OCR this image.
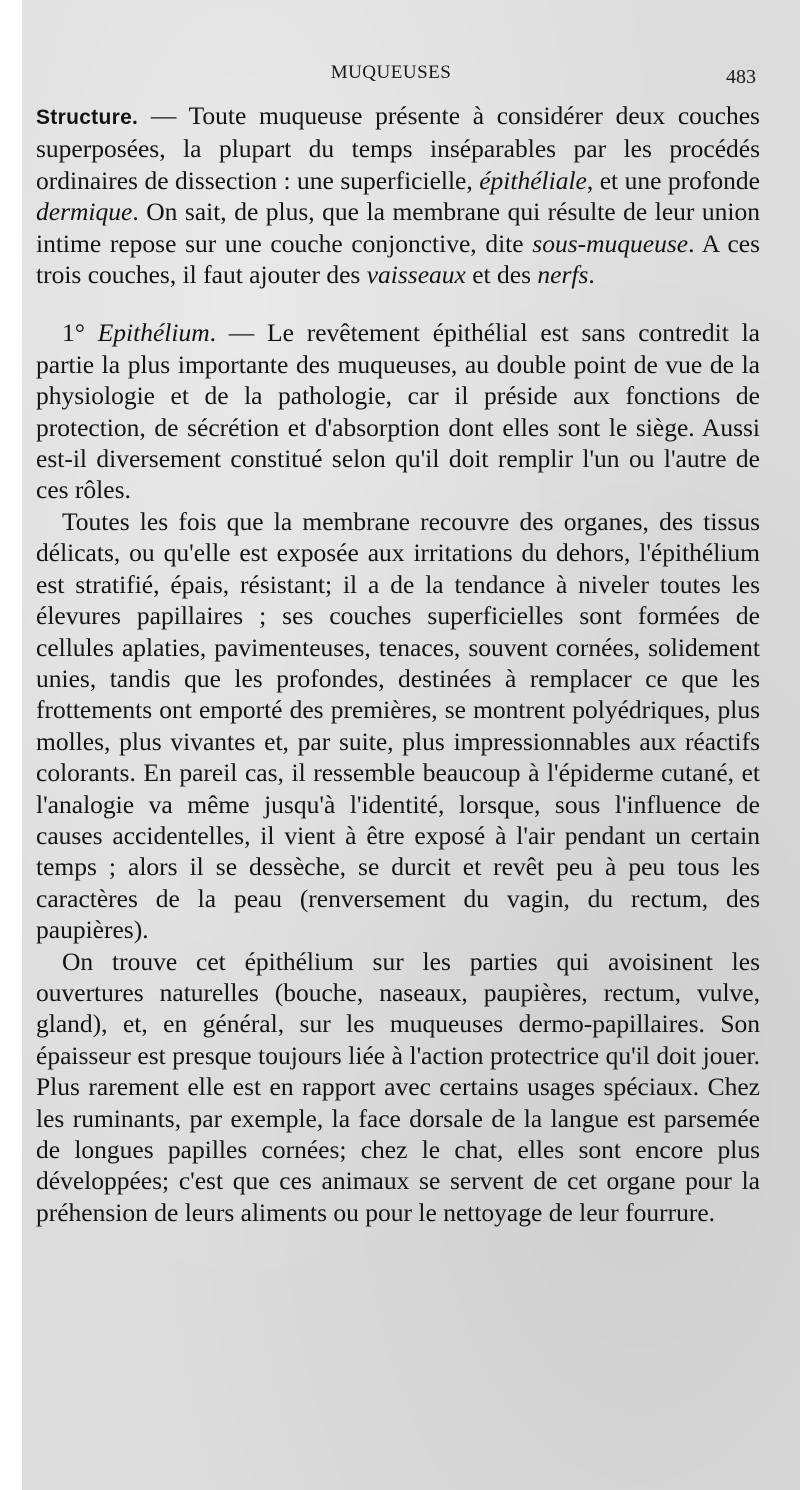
MUQUEUSES	483

Structure. — Toute muqueuse présente à considérer deux couches superposées, la plupart du temps inséparables par les procédés ordinaires de dissection : une superficielle, épithéliale, et une profonde dermique. On sait, de plus, que la membrane qui résulte de leur union intime repose sur une couche conjonctive, dite sous-muqueuse. A ces trois couches, il faut ajouter des vaisseaux et des nerfs.

1° Epithélium. — Le revêtement épithélial est sans contredit la partie la plus importante des muqueuses, au double point de vue de la physiologie et de la pathologie, car il préside aux fonctions de protection, de sécrétion et d'absorption dont elles sont le siège. Aussi est-il diversement constitué selon qu'il doit remplir l'un ou l'autre de ces rôles.

Toutes les fois que la membrane recouvre des organes, des tissus délicats, ou qu'elle est exposée aux irritations du dehors, l'épithélium est stratifié, épais, résistant; il a de la tendance à niveler toutes les élevures papillaires ; ses couches superficielles sont formées de cellules aplaties, pavimenteuses, tenaces, souvent cornées, solidement unies, tandis que les profondes, destinées à remplacer ce que les frottements ont emporté des premières, se montrent polyédriques, plus molles, plus vivantes et, par suite, plus impressionnables aux réactifs colorants. En pareil cas, il ressemble beaucoup à l'épiderme cutané, et l'analogie va même jusqu'à l'identité, lorsque, sous l'influence de causes accidentelles, il vient à être exposé à l'air pendant un certain temps ; alors il se dessèche, se durcit et revêt peu à peu tous les caractères de la peau (renversement du vagin, du rectum, des paupières).

On trouve cet épithélium sur les parties qui avoisinent les ouvertures naturelles (bouche, naseaux, paupières, rectum, vulve, gland), et, en général, sur les muqueuses dermo-papillaires. Son épaisseur est presque toujours liée à l'action protectrice qu'il doit jouer. Plus rarement elle est en rapport avec certains usages spéciaux. Chez les ruminants, par exemple, la face dorsale de la langue est parsemée de longues papilles cornées; chez le chat, elles sont encore plus développées; c'est que ces animaux se servent de cet organe pour la préhension de leurs aliments ou pour le nettoyage de leur fourrure.
